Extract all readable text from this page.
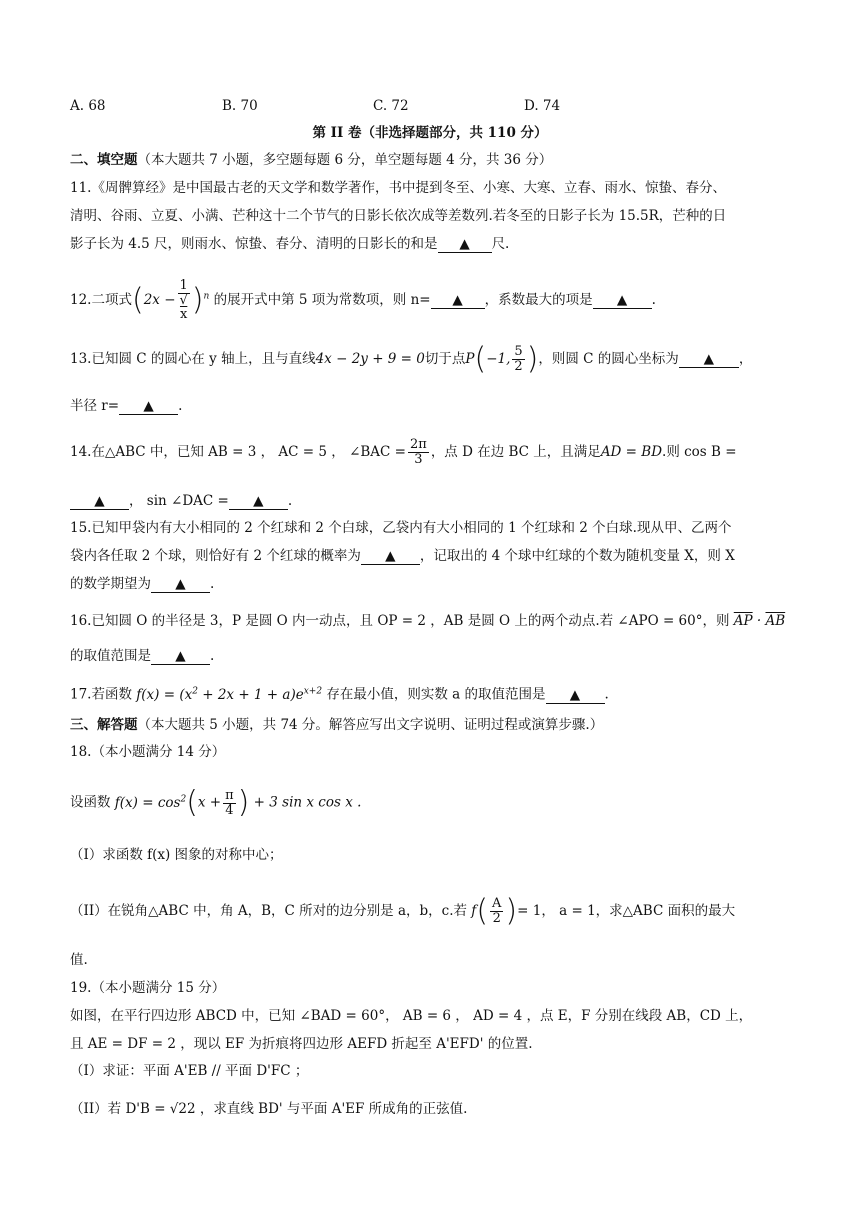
A. 68	B. 70	C. 72	D. 74
第 II 卷（非选择题部分，共 110 分）
二、填空题（本大题共 7 小题，多空题每题 6 分，单空题每题 4 分，共 36 分）
11.《周髀算经》是中国最古老的天文学和数学著作，书中提到冬至、小寒、大寒、立春、雨水、惊蛰、春分、
清明、谷雨、立夏、小满、芒种这十二个节气的日影长依次成等差数列.若冬至的日影子长为 15.5R，芒种的日
影子长为 4.5 尺，则雨水、惊蛰、春分、清明的日影长的和是 ▲ 尺.
12.二项式(2x − 1
√
x )$^n$ 的展开式中第 5 项为常数项，则 n= ▲ ，系数最大的项是 ▲ .
13.已知圆 C 的圆心在 y 轴上，且与直线4x − 2y + 9 = 0切于点P(−1, $\frac{5}{2}$ )，则圆 C 的圆心坐标为 ▲ ，
半径 r= ▲ .
14.在△ABC 中，已知 AB = 3 ， AC = 5 ， ∠BAC = $\frac{2\pi}{3}$ ，点 D 在边 BC 上，且满足AD = BD.则 cos B =
▲ ， sin ∠DAC = ▲ .
15.已知甲袋内有大小相同的 2 个红球和 2 个白球，乙袋内有大小相同的 1 个红球和 2 个白球.现从甲、乙两个
袋内各任取 2 个球，则恰好有 2 个红球的概率为 ▲ ，记取出的 4 个球中红球的个数为随机变量 X，则 X
的数学期望为 ▲ .
16.已知圆 O 的半径是 3，P 是圆 O 内一动点，且 OP = 2 ，AB 是圆 O 上的两个动点.若 ∠APO = 60°，则 $\overline{AP} \cdot \overline{AB}$
的取值范围是 ▲ .
17.若函数 $f(x) = (x^2 + 2x + 1 + a)e^{x+2}$ 存在最小值，则实数 a 的取值范围是 ▲ .
三、解答题（本大题共 5 小题，共 74 分。解答应写出文字说明、证明过程或演算步骤.）
18.（本小题满分 14 分）
设函数 $f(x) = \cos^2(x + \frac{\pi}{4}$ ) + 3 sin x cos x .
（I）求函数 f(x) 图象的对称中心；
（II）在锐角△ABC 中，角 A，B，C 所对的边分别是 a，b，c.若 $f( \frac{A}{2}$ )= 1， a = 1，求△ABC 面积的最大
值.
19.（本小题满分 15 分）
如图，在平行四边形 ABCD 中，已知 ∠BAD = 60°， AB = 6 ， AD = 4 ，点 E，F 分别在线段 AB，CD 上，
且 AE = DF = 2 ，现以 EF 为折痕将四边形 AEFD 折起至 A'EFD' 的位置.
（I）求证：平面 A'EB // 平面 D'FC ；
（II）若 D'B = √22 ，求直线 BD' 与平面 A'EF 所成角的正弦值.
